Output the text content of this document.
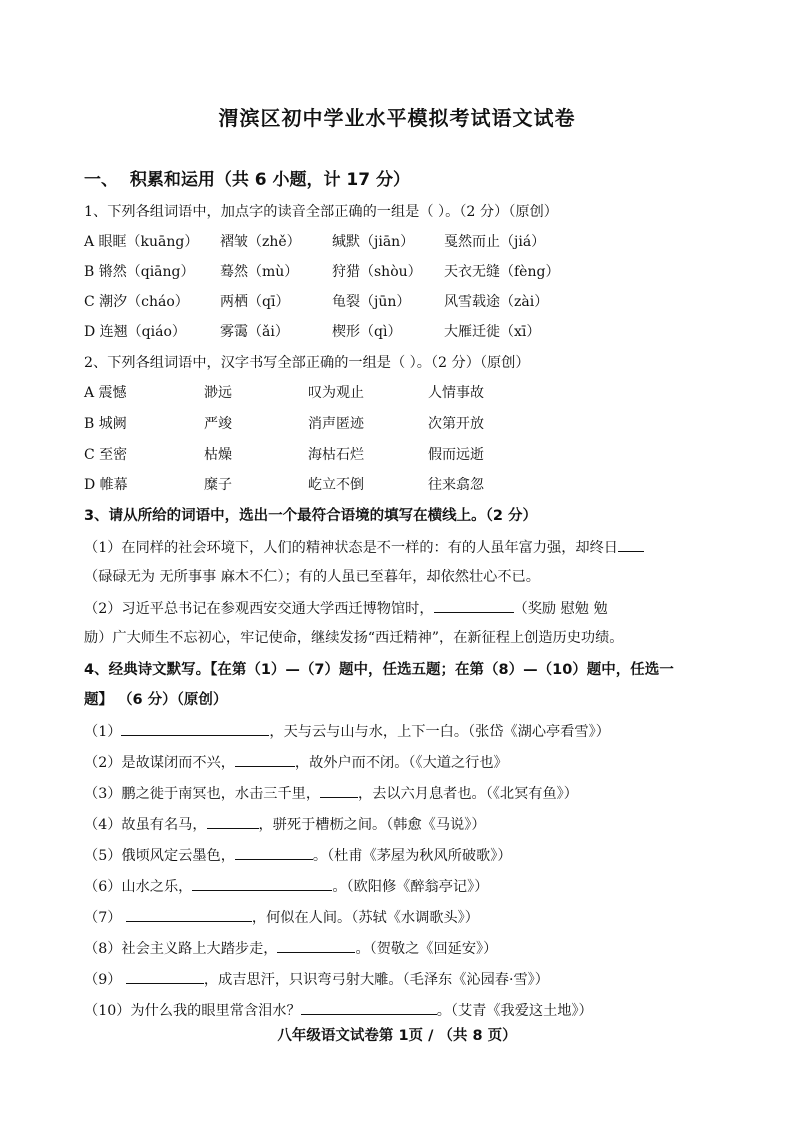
渭滨区初中学业水平模拟考试语文试卷
一、  积累和运用（共 6 小题，计 17 分）
1、下列各组词语中，加点字的读音全部正确的一组是（ ）。（2 分）（原创）
A 眼眶（kuāng） 褶皱（zhě） 缄默（jiān） 戛然而止（jiá）
B 锵然（qiāng） 蓦然（mù） 狩猎（shòu） 天衣无缝（fèng）
C 潮汐（cháo） 两栖（qī）	龟裂（jūn） 风雪载途（zài）
D 连翘（qiáo） 雾霭（ǎi）	楔形（qì）	大雁迁徙（xī）
2、下列各组词语中，汉字书写全部正确的一组是（ ）。（2 分）（原创）
A 震憾	渺远	叹为观止	人情事故
B 城阙	严竣	消声匿迹	次第开放
C 至密	枯燥	海枯石烂	假而远逝
D 帷幕	糜子	屹立不倒	往来翕忽
3、请从所给的词语中，选出一个最符合语境的填写在横线上。（2 分）
（1）在同样的社会环境下，人们的精神状态是不一样的：有的人虽年富力强，却终日
（碌碌无为 无所事事 麻木不仁）；有的人虽已至暮年，却依然壮心不已。
（2）习近平总书记在参观西安交通大学西迁博物馆时，	（奖励 慰勉 勉
励）广大师生不忘初心，牢记使命，继续发扬“西迁精神”，在新征程上创造历史功绩。
4、经典诗文默写。【在第（1）—（7）题中，任选五题；在第（8）—（10）题中，任选一
题】 （6 分）（原创）
（1）	，天与云与山与水，上下一白。（张岱《湖心亭看雪》）
（2）是故谋闭而不兴，	，故外户而不闭。（《大道之行也》
（3）鹏之徙于南冥也，水击三千里，	，去以六月息者也。（《北冥有鱼》）
（4）故虽有名马，	，骈死于槽枥之间。（韩愈《马说》）
（5）俄顷风定云墨色，	。（杜甫《茅屋为秋风所破歌》）
（6）山水之乐，	。（欧阳修《醉翁亭记》）
（7）	，何似在人间。（苏轼《水调歌头》）
（8）社会主义路上大踏步走，	。（贺敬之《回延安》）
（9）	，成吉思汗，只识弯弓射大雕。（毛泽东《沁园春·雪》）
（10）为什么我的眼里常含泪水？	。（艾青《我爱这土地》）
八年级语文试卷第 1页 / （共 8 页）
